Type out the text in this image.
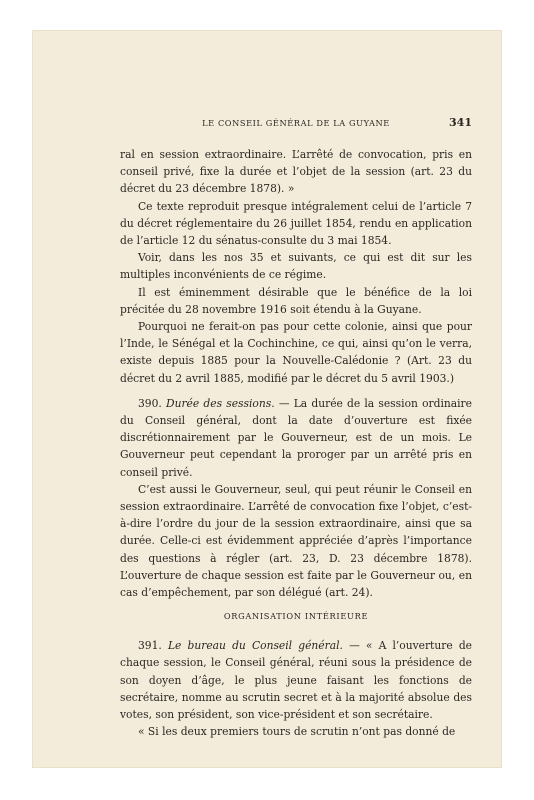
LE CONSEIL GÉNÉRAL DE LA GUYANE	341

ral en session extraordinaire. L’arrêté de convocation, pris en conseil privé, fixe la durée et l’objet de la session (art. 23 du décret du 23 décembre 1878). »

Ce texte reproduit presque intégralement celui de l’article 7 du décret réglementaire du 26 juillet 1854, rendu en application de l’article 12 du sénatus-consulte du 3 mai 1854.

Voir, dans les nos 35 et suivants, ce qui est dit sur les multiples inconvénients de ce régime.

Il est éminemment désirable que le bénéfice de la loi précitée du 28 novembre 1916 soit étendu à la Guyane.

Pourquoi ne ferait-on pas pour cette colonie, ainsi que pour l’Inde, le Sénégal et la Cochinchine, ce qui, ainsi qu’on le verra, existe depuis 1885 pour la Nouvelle-Calédonie ? (Art. 23 du décret du 2 avril 1885, modifié par le décret du 5 avril 1903.)

390. Durée des sessions. — La durée de la session ordinaire du Conseil général, dont la date d’ouverture est fixée discrétionnairement par le Gouverneur, est de un mois. Le Gouverneur peut cependant la proroger par un arrêté pris en conseil privé.

C’est aussi le Gouverneur, seul, qui peut réunir le Conseil en session extraordinaire. L’arrêté de convocation fixe l’objet, c’est-à-dire l’ordre du jour de la session extraordinaire, ainsi que sa durée. Celle-ci est évidemment appréciée d’après l’importance des questions à régler (art. 23, D. 23 décembre 1878). L’ouverture de chaque session est faite par le Gouverneur ou, en cas d’empêchement, par son délégué (art. 24).

ORGANISATION INTÉRIEURE

391. Le bureau du Conseil général. — « A l’ouverture de chaque session, le Conseil général, réuni sous la présidence de son doyen d’âge, le plus jeune faisant les fonctions de secrétaire, nomme au scrutin secret et à la majorité absolue des votes, son président, son vice-président et son secrétaire.

« Si les deux premiers tours de scrutin n’ont pas donné de
